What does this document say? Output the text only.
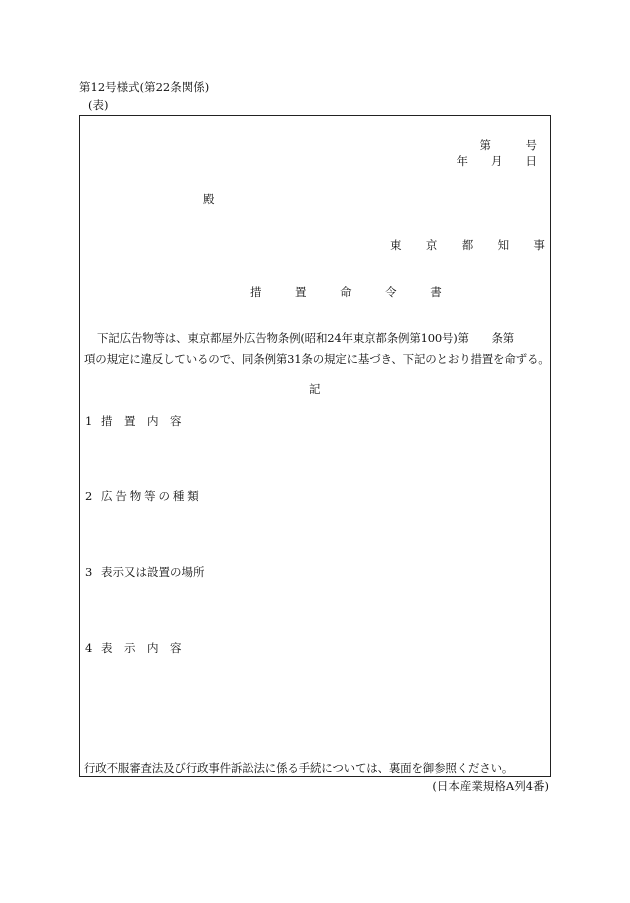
第12号様式(第22条関係)
(表)
第　　　号
年　　月　　日
殿
東 京 都 知 事
措 置 命 令 書
下記広告物等は、東京都屋外広告物条例(昭和24年東京都条例第100号)第　　条第
項の規定に違反しているので、同条例第31条の規定に基づき、下記のとおり措置を命ずる。
記
1 措　置　内　容
2 広告物等の種類
3 表示又は設置の場所
4 表　示　内　容
行政不服審査法及び行政事件訴訟法に係る手続については、裏面を御参照ください。
(日本産業規格A列4番)
